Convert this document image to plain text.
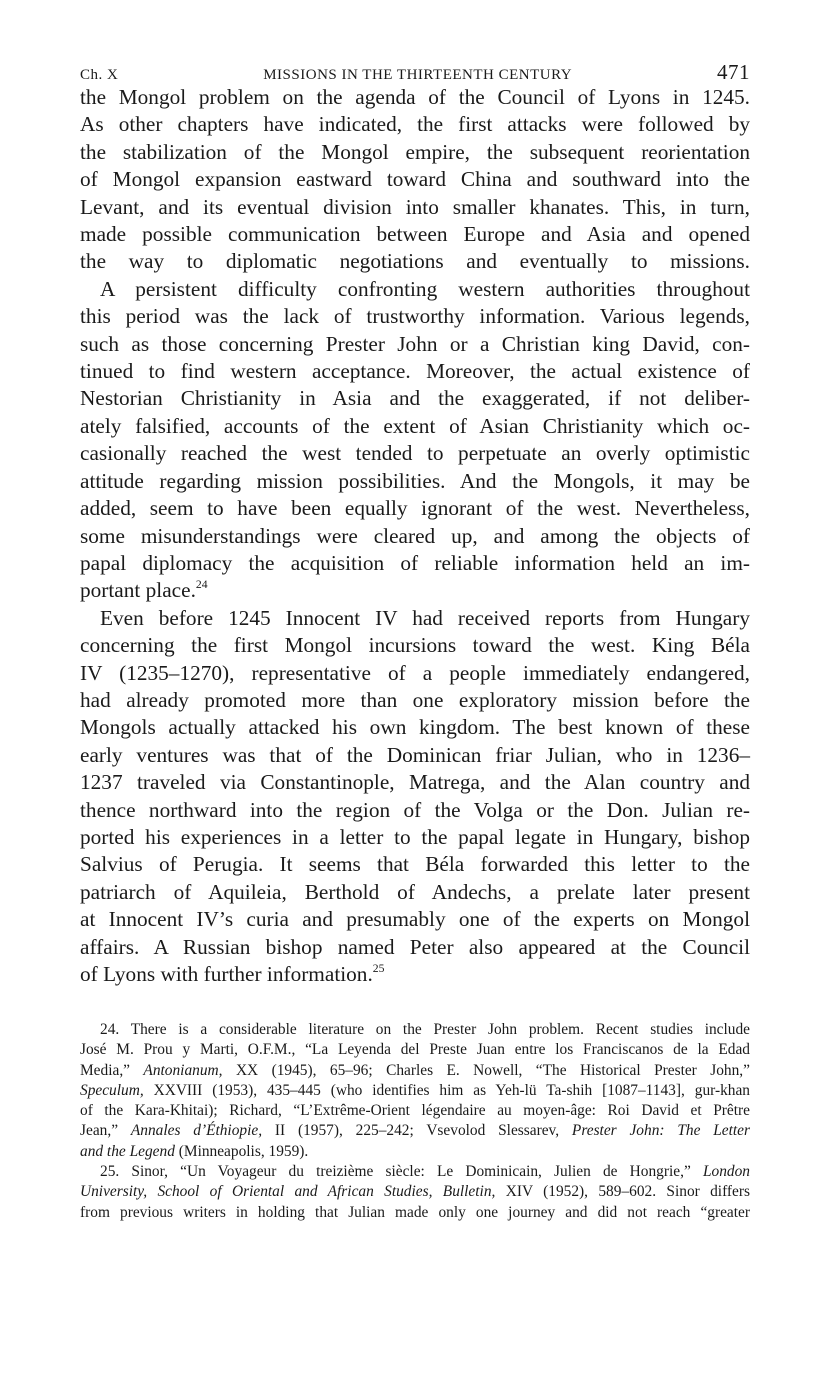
Ch. X	MISSIONS IN THE THIRTEENTH CENTURY	471
the Mongol problem on the agenda of the Council of Lyons in 1245.
As other chapters have indicated, the first attacks were followed by
the stabilization of the Mongol empire, the subsequent reorientation
of Mongol expansion eastward toward China and southward into the
Levant, and its eventual division into smaller khanates. This, in turn,
made possible communication between Europe and Asia and opened
the way to diplomatic negotiations and eventually to missions.
A persistent difficulty confronting western authorities throughout
this period was the lack of trustworthy information. Various legends,
such as those concerning Prester John or a Christian king David, con-
tinued to find western acceptance. Moreover, the actual existence of
Nestorian Christianity in Asia and the exaggerated, if not deliber-
ately falsified, accounts of the extent of Asian Christianity which oc-
casionally reached the west tended to perpetuate an overly optimistic
attitude regarding mission possibilities. And the Mongols, it may be
added, seem to have been equally ignorant of the west. Nevertheless,
some misunderstandings were cleared up, and among the objects of
papal diplomacy the acquisition of reliable information held an im-
portant place.$^{24}$
Even before 1245 Innocent IV had received reports from Hungary
concerning the first Mongol incursions toward the west. King Béla
IV (1235–1270), representative of a people immediately endangered,
had already promoted more than one exploratory mission before the
Mongols actually attacked his own kingdom. The best known of these
early ventures was that of the Dominican friar Julian, who in 1236–
1237 traveled via Constantinople, Matrega, and the Alan country and
thence northward into the region of the Volga or the Don. Julian re-
ported his experiences in a letter to the papal legate in Hungary, bishop
Salvius of Perugia. It seems that Béla forwarded this letter to the
patriarch of Aquileia, Berthold of Andechs, a prelate later present
at Innocent IV’s curia and presumably one of the experts on Mongol
affairs. A Russian bishop named Peter also appeared at the Council
of Lyons with further information.$^{25}$
24. There is a considerable literature on the Prester John problem. Recent studies include
José M. Prou y Marti, O.F.M., “La Leyenda del Preste Juan entre los Franciscanos de la Edad
Media,” Antonianum, XX (1945), 65–96; Charles E. Nowell, “The Historical Prester John,”
Speculum, XXVIII (1953), 435–445 (who identifies him as Yeh-lü Ta-shih [1087–1143], gur-khan
of the Kara-Khitai); Richard, “L’Extrême-Orient légendaire au moyen-âge: Roi David et Prêtre
Jean,” Annales d’Éthiopie, II (1957), 225–242; Vsevolod Slessarev, Prester John: The Letter
and the Legend (Minneapolis, 1959).
25. Sinor, “Un Voyageur du treizième siècle: Le Dominicain, Julien de Hongrie,” London
University, School of Oriental and African Studies, Bulletin, XIV (1952), 589–602. Sinor differs
from previous writers in holding that Julian made only one journey and did not reach “greater
